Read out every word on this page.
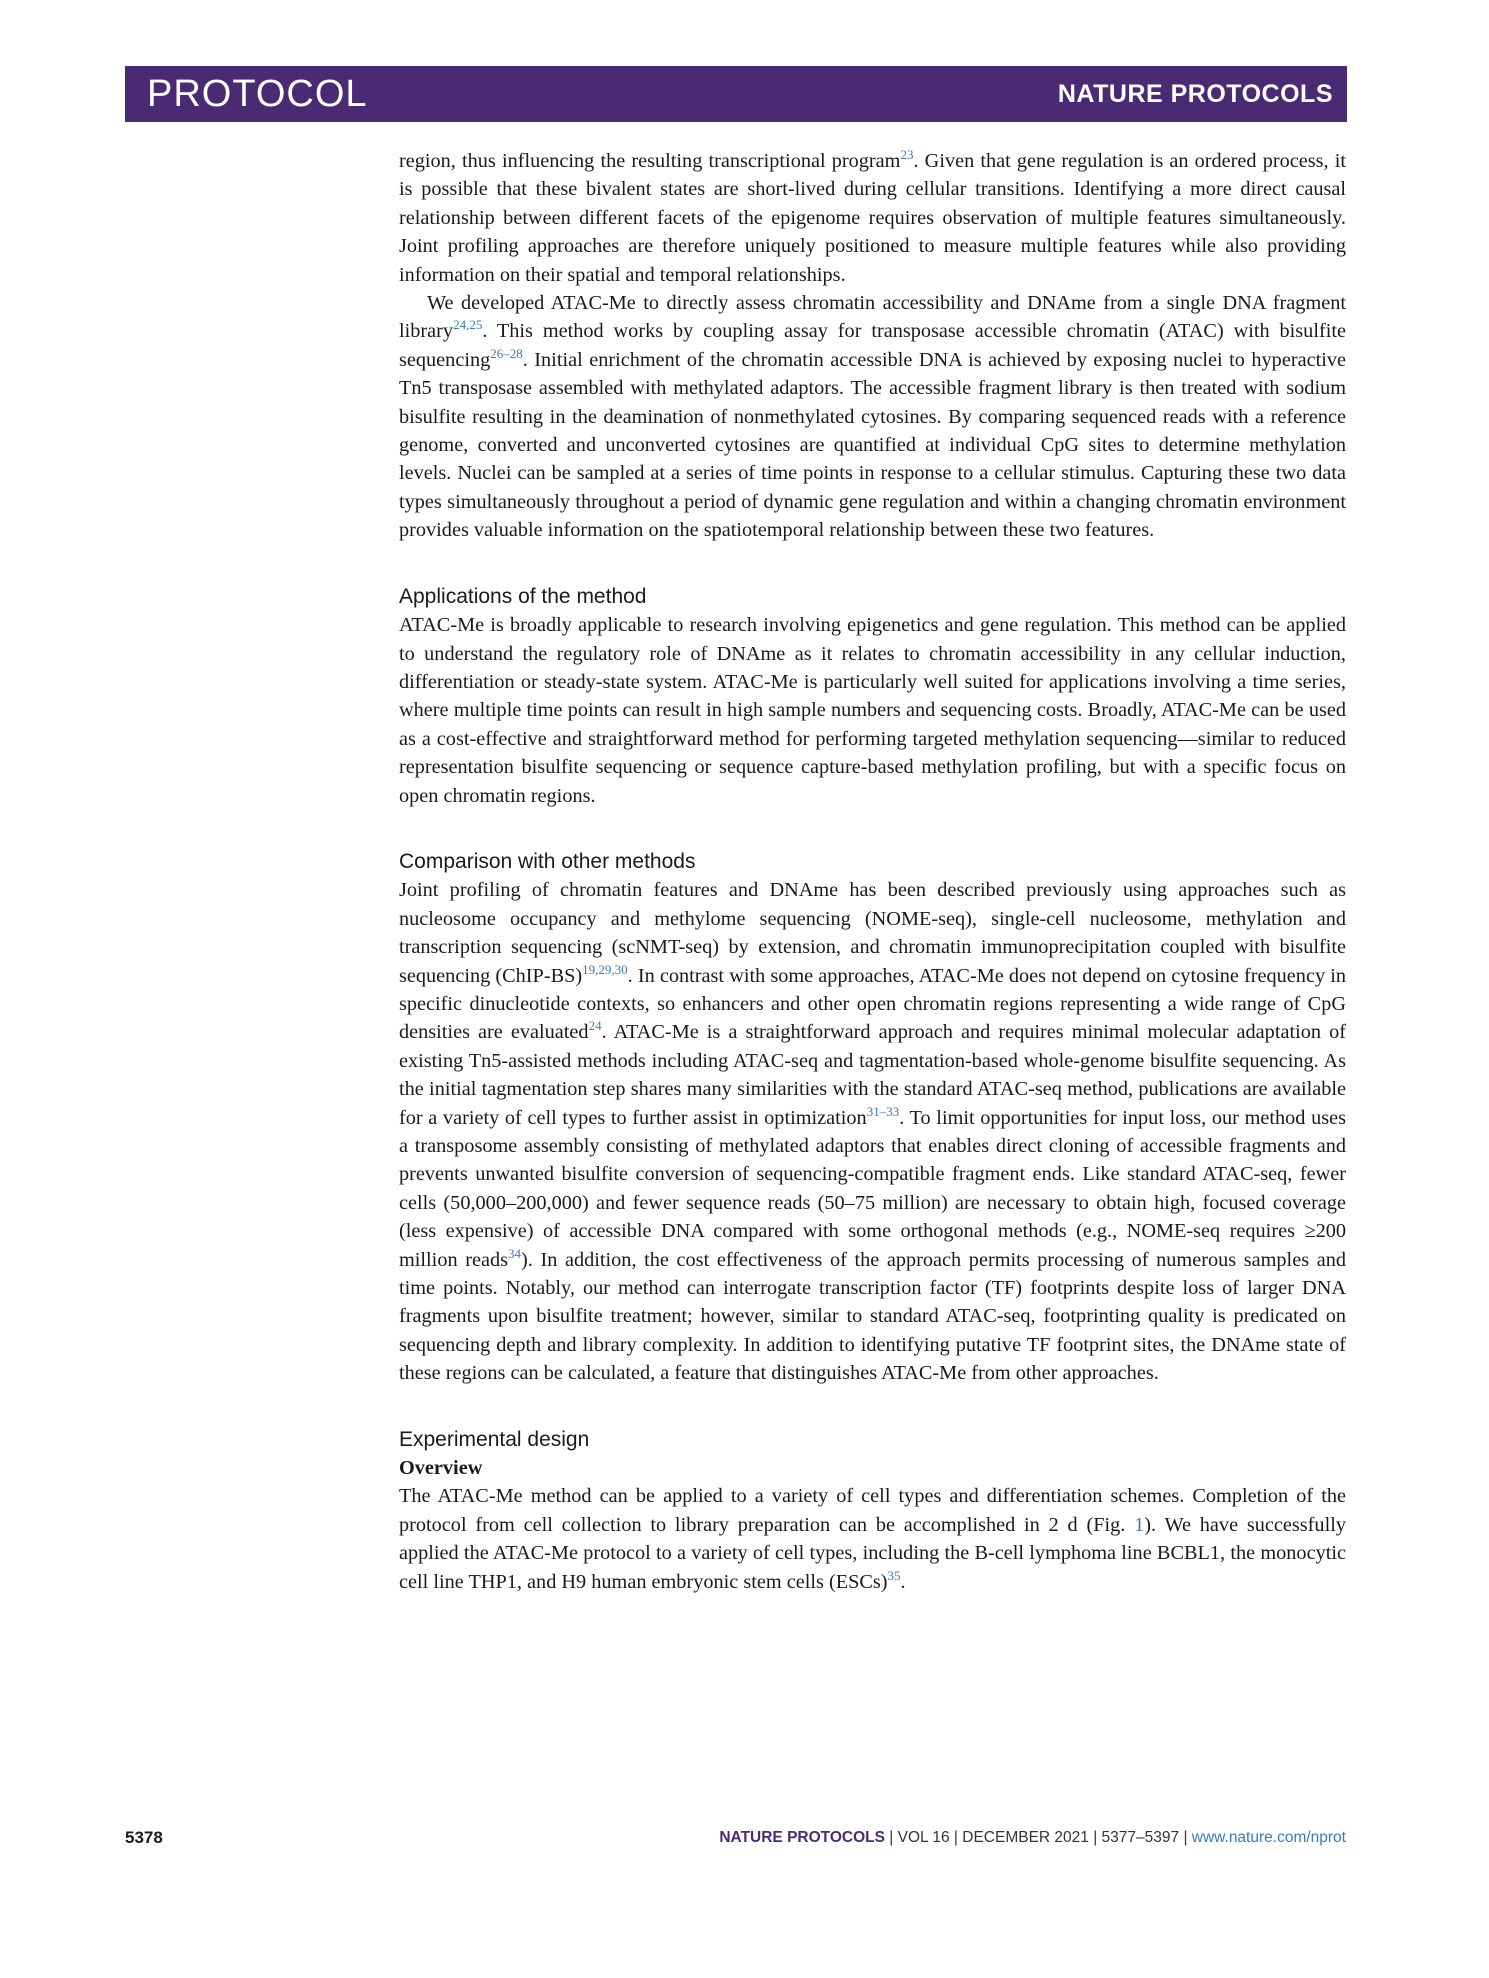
PROTOCOL	NATURE PROTOCOLS

region, thus influencing the resulting transcriptional program$^{23}$. Given that gene regulation is an ordered process, it is possible that these bivalent states are short-lived during cellular transitions. Identifying a more direct causal relationship between different facets of the epigenome requires observation of multiple features simultaneously. Joint profiling approaches are therefore uniquely positioned to measure multiple features while also providing information on their spatial and temporal relationships.

We developed ATAC-Me to directly assess chromatin accessibility and DNAme from a single DNA fragment library$^{24,25}$. This method works by coupling assay for transposase accessible chromatin (ATAC) with bisulfite sequencing$^{26-28}$. Initial enrichment of the chromatin accessible DNA is achieved by exposing nuclei to hyperactive Tn5 transposase assembled with methylated adaptors. The accessible fragment library is then treated with sodium bisulfite resulting in the deamination of nonmethylated cytosines. By comparing sequenced reads with a reference genome, converted and unconverted cytosines are quantified at individual CpG sites to determine methylation levels. Nuclei can be sampled at a series of time points in response to a cellular stimulus. Capturing these two data types simultaneously throughout a period of dynamic gene regulation and within a changing chromatin environment provides valuable information on the spatiotemporal relationship between these two features.

Applications of the method

ATAC-Me is broadly applicable to research involving epigenetics and gene regulation. This method can be applied to understand the regulatory role of DNAme as it relates to chromatin accessibility in any cellular induction, differentiation or steady-state system. ATAC-Me is particularly well suited for applications involving a time series, where multiple time points can result in high sample numbers and sequencing costs. Broadly, ATAC-Me can be used as a cost-effective and straightforward method for performing targeted methylation sequencing—similar to reduced representation bisulfite sequencing or sequence capture-based methylation profiling, but with a specific focus on open chromatin regions.

Comparison with other methods

Joint profiling of chromatin features and DNAme has been described previously using approaches such as nucleosome occupancy and methylome sequencing (NOME-seq), single-cell nucleosome, methylation and transcription sequencing (scNMT-seq) by extension, and chromatin immunoprecipitation coupled with bisulfite sequencing (ChIP-BS)$^{19,29,30}$. In contrast with some approaches, ATAC-Me does not depend on cytosine frequency in specific dinucleotide contexts, so enhancers and other open chromatin regions representing a wide range of CpG densities are evaluated$^{24}$. ATAC-Me is a straightforward approach and requires minimal molecular adaptation of existing Tn5-assisted methods including ATAC-seq and tagmentation-based whole-genome bisulfite sequencing. As the initial tagmentation step shares many similarities with the standard ATAC-seq method, publications are available for a variety of cell types to further assist in optimization$^{31-33}$. To limit opportunities for input loss, our method uses a transposome assembly consisting of methylated adaptors that enables direct cloning of accessible fragments and prevents unwanted bisulfite conversion of sequencing-compatible fragment ends. Like standard ATAC-seq, fewer cells (50,000–200,000) and fewer sequence reads (50–75 million) are necessary to obtain high, focused coverage (less expensive) of accessible DNA compared with some orthogonal methods (e.g., NOME-seq requires ≥200 million reads$^{34}$). In addition, the cost effectiveness of the approach permits processing of numerous samples and time points. Notably, our method can interrogate transcription factor (TF) footprints despite loss of larger DNA fragments upon bisulfite treatment; however, similar to standard ATAC-seq, footprinting quality is predicated on sequencing depth and library complexity. In addition to identifying putative TF footprint sites, the DNAme state of these regions can be calculated, a feature that distinguishes ATAC-Me from other approaches.

Experimental design
Overview

The ATAC-Me method can be applied to a variety of cell types and differentiation schemes. Completion of the protocol from cell collection to library preparation can be accomplished in 2 d (Fig. 1). We have successfully applied the ATAC-Me protocol to a variety of cell types, including the B-cell lymphoma line BCBL1, the monocytic cell line THP1, and H9 human embryonic stem cells (ESCs)$^{35}$.

5378	NATURE PROTOCOLS | VOL 16 | DECEMBER 2021 | 5377–5397 | www.nature.com/nprot
